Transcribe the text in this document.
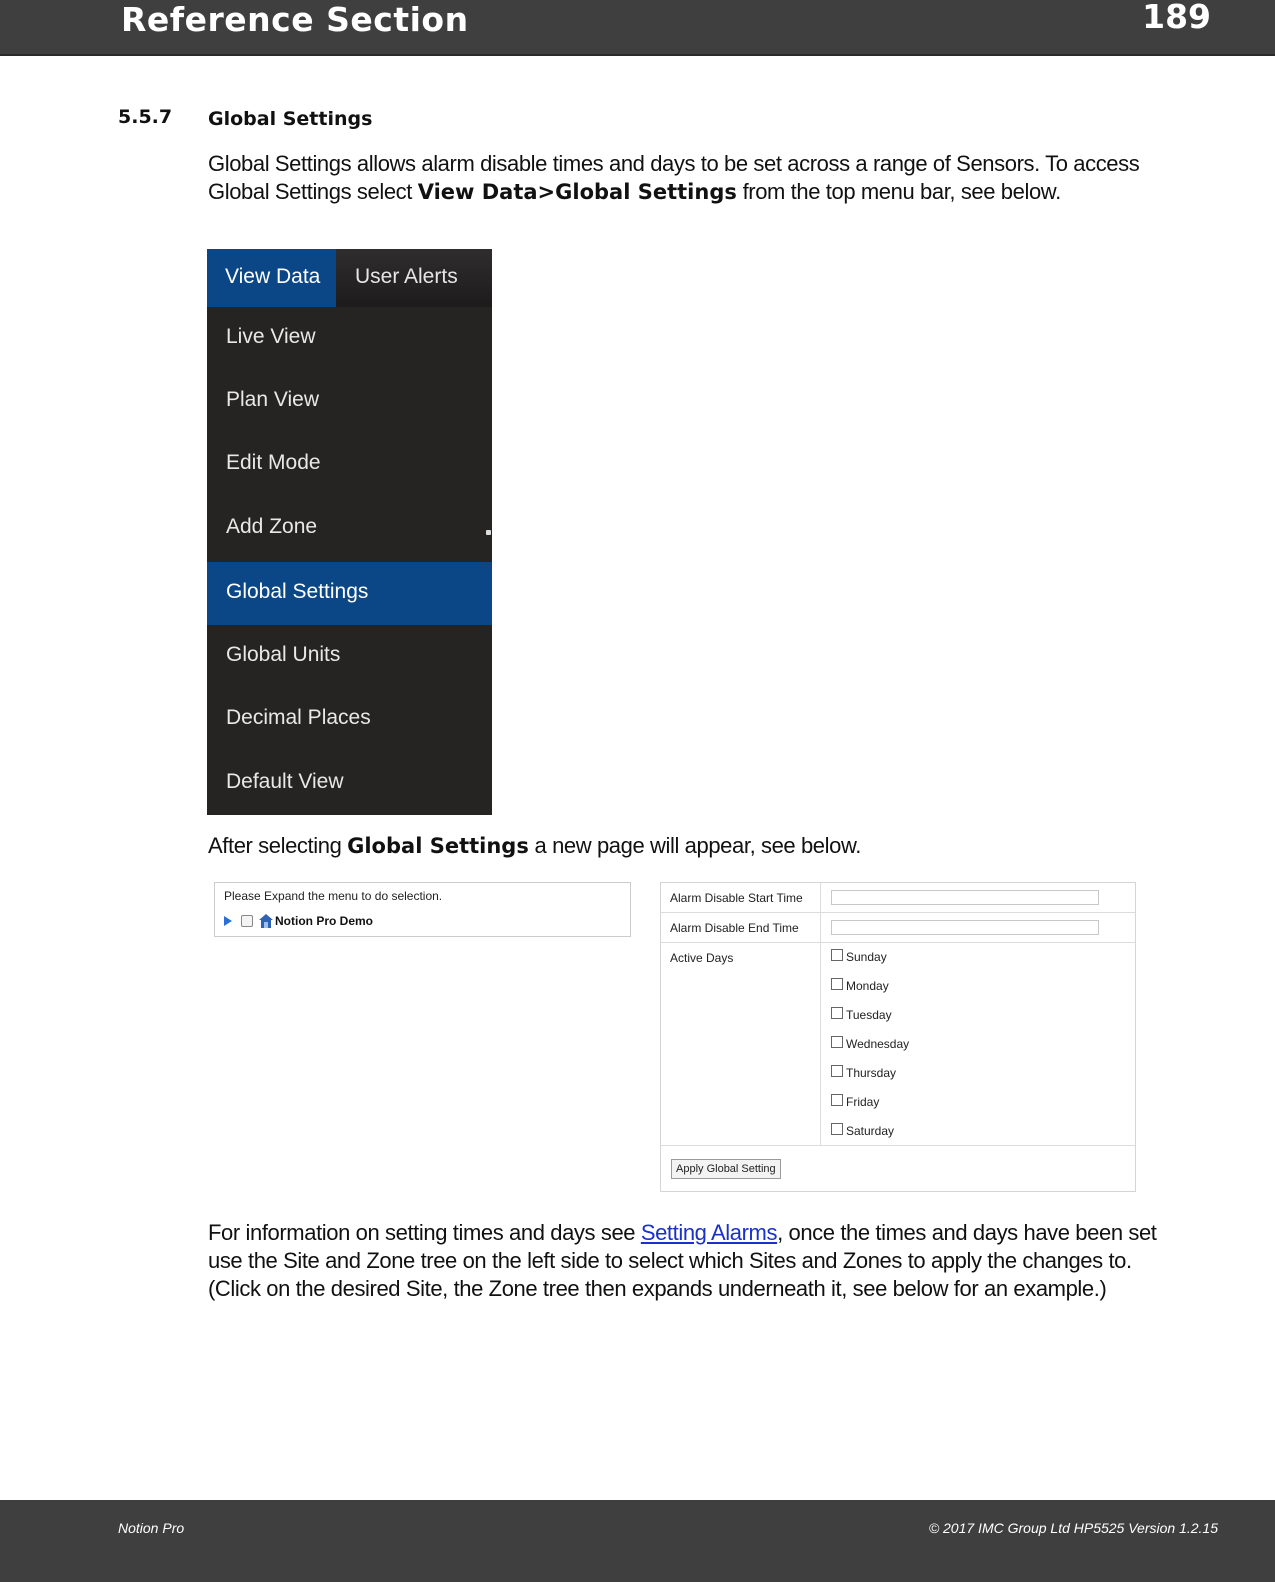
Reference Section	189
5.5.7 Global Settings
Global Settings allows alarm disable times and days to be set across a range of Sensors. To access Global Settings select View Data>Global Settings from the top menu bar, see below.
View Data	User Alerts
Live View
Plan View
Edit Mode
Add Zone
Global Settings
Global Units
Decimal Places
Default View
After selecting Global Settings a new page will appear, see below.
Please Expand the menu to do selection.
Notion Pro Demo
Alarm Disable Start Time
Alarm Disable End Time
Active Days	Sunday
Monday
Tuesday
Wednesday
Thursday
Friday
Saturday
Apply Global Setting
For information on setting times and days see Setting Alarms, once the times and days have been set use the Site and Zone tree on the left side to select which Sites and Zones to apply the changes to. (Click on the desired Site, the Zone tree then expands underneath it, see below for an example.)
Notion Pro	© 2017 IMC Group Ltd HP5525 Version 1.2.15
